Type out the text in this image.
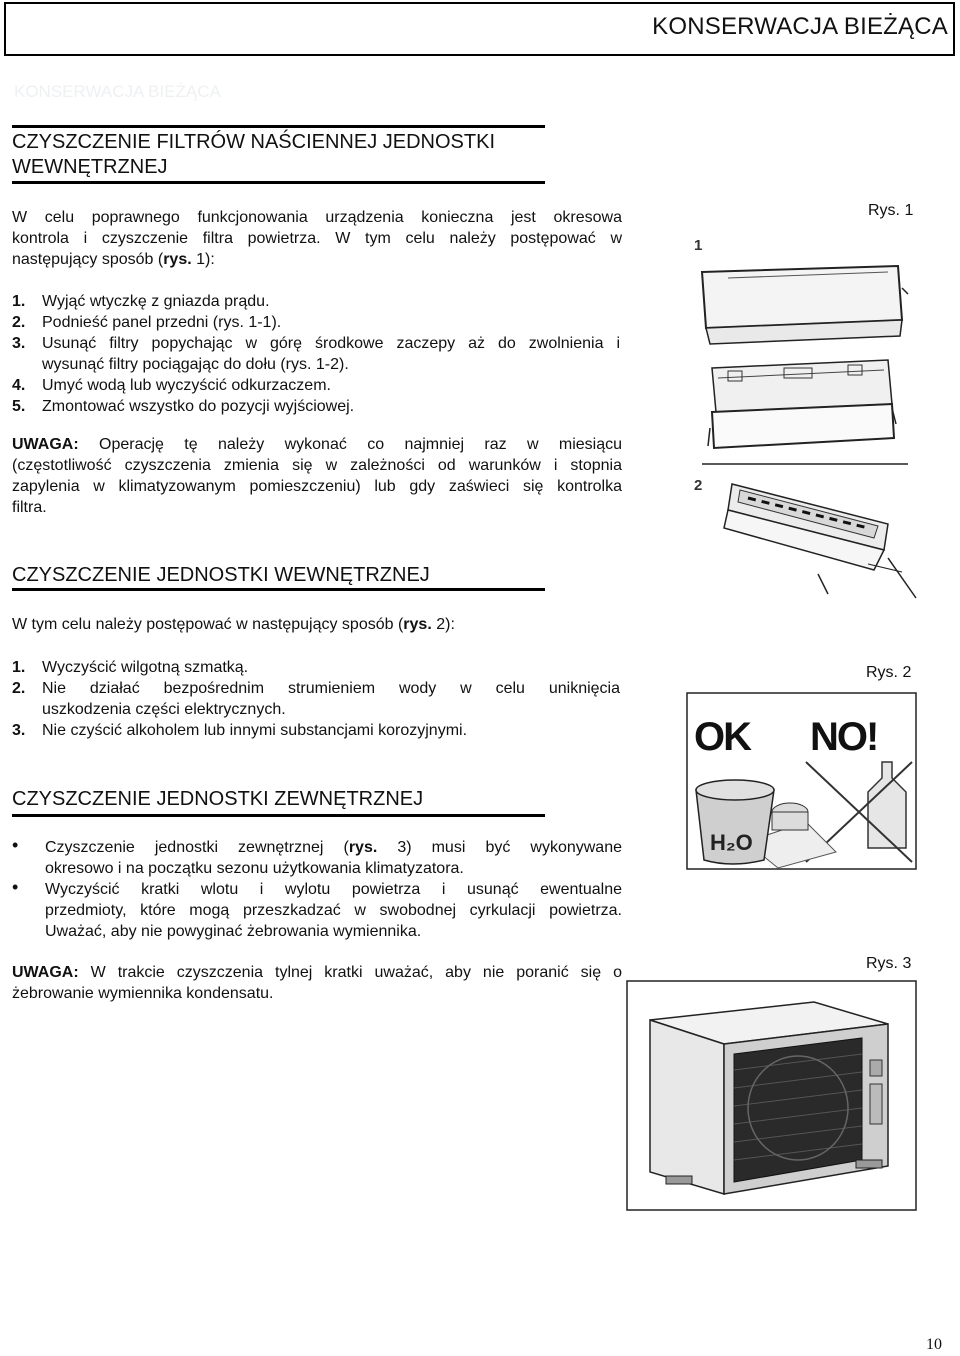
KONSERWACJA BIEŻĄCA
KONSERWACJA BIEŻĄCA
CZYSZCZENIE FILTRÓW NAŚCIENNEJ JEDNOSTKI
WEWNĘTRZNEJ
W celu poprawnego funkcjonowania urządzenia konieczna jest okresowa
kontrola i czyszczenie filtra powietrza. W tym celu należy postępować w
następujący sposób (rys. 1):
1. Wyjąć wtyczkę z gniazda prądu.
2. Podnieść panel przedni (rys. 1-1).
3. Usunąć filtry popychając w górę środkowe zaczepy aż do zwolnienia i
wysunąć filtry pociągając do dołu (rys. 1-2).
4. Umyć wodą lub wyczyścić odkurzaczem.
5. Zmontować wszystko do pozycji wyjściowej.
UWAGA: Operację tę należy wykonać co najmniej raz w miesiącu
(częstotliwość czyszczenia zmienia się w zależności od warunków i stopnia
zapylenia w klimatyzowanym pomieszczeniu) lub gdy zaświeci się kontrolka
filtra.
Rys. 1
1
2
CZYSZCZENIE JEDNOSTKI WEWNĘTRZNEJ
W tym celu należy postępować w następujący sposób (rys. 2):
1. Wyczyścić wilgotną szmatką.
2. Nie działać bezpośrednim strumieniem wody w celu uniknięcia
uszkodzenia części elektrycznych.
3. Nie czyścić alkoholem lub innymi substancjami korozyjnymi.
Rys. 2
OK NO!
H₂O
CZYSZCZENIE JEDNOSTKI ZEWNĘTRZNEJ
• Czyszczenie jednostki zewnętrznej (rys. 3) musi być wykonywane
okresowo i na początku sezonu użytkowania klimatyzatora.
• Wyczyścić kratki wlotu i wylotu powietrza i usunąć ewentualne
przedmioty, które mogą przeszkadzać w swobodnej cyrkulacji powietrza.
Uważać, aby nie powyginać żebrowania wymiennika.
UWAGA: W trakcie czyszczenia tylnej kratki uważać, aby nie poranić się o
żebrowanie wymiennika kondensatu.
Rys. 3
10
